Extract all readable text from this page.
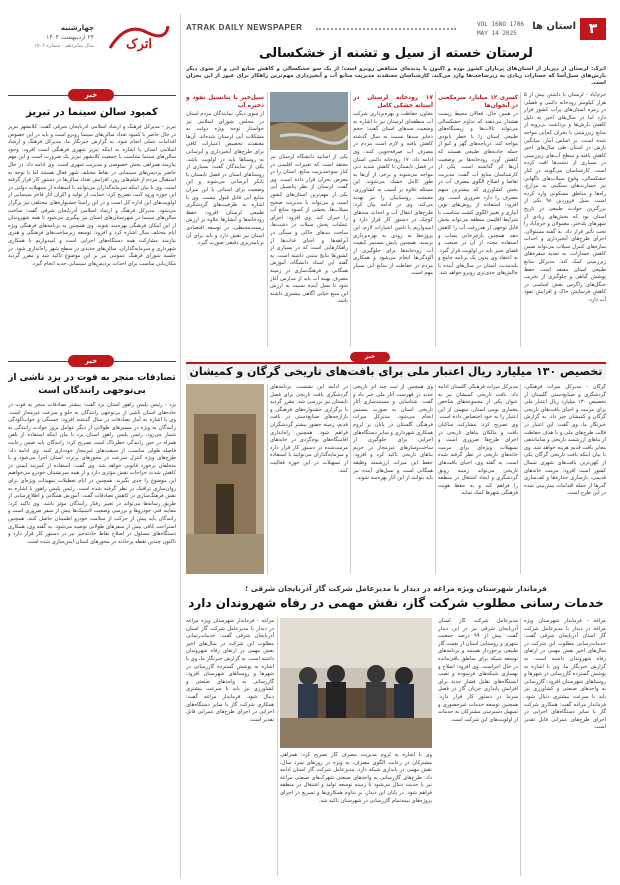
۳
استان ها
VOL 16NO 1706
MAY 14 2025
ATRAK DAILY NEWSPAPER
اترک
چهارشنبه
۲۴ اردیبهشت ۱۴۰۴
سال شانزدهم - شماره ۱۷۰۶
خبر
کمبود سالن سینما در تبریز
تبریز - مدیرکل فرهنگ و ارشاد اسلامی آذربایجان شرقی گفت: کلانشهر تبریز در حال حاضر با کمبود تعداد سالن‌های سینما روبرو است و باید در این خصوص اقدامات عملی انجام شود. به گزارش خبرنگار ما، مدیرکل فرهنگ و ارشاد اسلامی استان با اشاره به اینکه تبریز شهری فرهنگی است افزود: وجود سالن‌های سینما متناسب با جمعیت کلانشهر تبریز یک ضرورت است و این مهم نیازمند همراهی بخش خصوصی و مدیریت شهری است. وی ادامه داد: در حال حاضر پردیس‌های سینمایی در نقاط مختلف شهر فعال هستند اما با توجه به استقبال مردم از فیلم‌های روز، افزایش تعداد سالن‌ها در دستور کار قرار گرفته است. وی با بیان اینکه سرمایه‌گذاران می‌توانند با استفاده از تسهیلات دولتی در این حوزه ورود کنند، تصریح کرد: حمایت از تولید و اکران آثار فاخر سینمایی از اولویت‌های این اداره کل است و در این راستا جشنواره‌های مختلفی نیز برگزار می‌شود. مدیرکل فرهنگ و ارشاد اسلامی آذربایجان شرقی گفت: ساخت سالن‌های سینما در شهرستان‌های استان نیز پیگیری می‌شود تا همه شهروندان از این امکان فرهنگی بهره‌مند شوند. وی همچنین به برنامه‌های فرهنگی ویژه ایام مختلف سال اشاره کرد و افزود: توسعه زیرساخت‌های فرهنگی و هنری نیازمند مشارکت همه دستگاه‌های اجرایی است و امیدواریم با همکاری شهرداری و سرمایه‌گذاران، سالن‌های جدیدی در سطح شهر راه‌اندازی شود. در جلسه شورای فرهنگ عمومی نیز بر این موضوع تاکید شد و مقرر گردید مکان‌یابی مناسب برای احداث پردیس‌های سینمایی جدید انجام گیرد.
خبر
تصادفات منجر به فوت در یزد ناشی از بی‌توجهی رانندگان است
یزد - رئیس پلیس راهور استان یزد گفت: بیشتر تصادفات منجر به فوت در جاده‌های استان ناشی از بی‌توجهی رانندگان به جلو و سرعت غیرمجاز است. وی با اشاره به آمار تصادفات در سال گذشته افزود: خستگی و خواب‌آلودگی رانندگان به ویژه در مسیرهای طولانی از دیگر عوامل بروز حوادث رانندگی به شمار می‌رود. رئیس پلیس راهور استان یزد با بیان اینکه استفاده از تلفن همراه در حین رانندگی خطرناک است تصریح کرد: رانندگان باید ضمن رعایت فاصله طولی مناسب، از سبقت‌های غیرمجاز خودداری کنند. وی ادامه داد: طرح‌های ویژه کنترل سرعت در محورهای پرتردد استان اجرا می‌شود و با متخلفان برخورد قانونی خواهد شد. وی گفت: استفاده از کمربند ایمنی در کاهش شدت جراحات نقش مؤثری دارد و از همه سرنشینان خودرو می‌خواهیم این موضوع را جدی بگیرند. همچنین در ایام تعطیلات تمهیدات ویژه‌ای برای روان‌سازی ترافیک در نظر گرفته شده است. رئیس پلیس راهور با اشاره به نقش فرهنگ‌سازی در کاهش تصادفات گفت: آموزش همگانی و اطلاع‌رسانی از طریق رسانه‌ها می‌تواند در تغییر رفتار رانندگان مؤثر باشد. وی تاکید کرد: معاینه فنی خودروها و بررسی وضعیت لاستیک‌ها پیش از سفر ضروری است و رانندگان باید پیش از حرکت از سلامت خودرو اطمینان حاصل کنند. همچنین استراحت کافی پیش از سفرهای طولانی توصیه می‌شود. به گفته وی، همکاری دستگاه‌های مسئول در اصلاح نقاط حادثه‌خیز نیز در دستور کار قرار دارد و تاکنون چندین نقطه پرحادثه در محورهای استان ایمن‌سازی شده است.
لرستان خسته از سیل و تشنه از خشکسالی
اترک: لرستان از دیرباز از استان‌های پرباران کشور بوده و اکنون با پدیده‌ای متناقض روبرو است؛ از یک سو خشکسالی و کاهش منابع آبی و از سوی دیگر بارش‌های سیل‌آسا که خسارات زیادی به زیرساخت‌ها وارد می‌کند. کارشناسان معتقدند مدیریت منابع آب و آبخیزداری مهم‌ترین راهکار برای عبور از این بحران است.
خرم‌آباد - لرستان با داشتن بیش از ۵ هزار کیلومتر رودخانه دائمی و فصلی در زمره استان‌های پرآب کشور قرار دارد اما در سال‌های اخیر به دلیل کاهش بارش‌ها و برداشت بی‌رویه از منابع زیرزمینی با بحران کم‌آبی مواجه شده است. بر اساس آمار، میانگین بارش در استان طی سال‌های اخیر کاهش یافته و سطح آب‌های زیرزمینی در بسیاری از دشت‌ها افت کرده است. کارشناسان می‌گویند در کنار خشکسالی، وقوع سیلاب‌های ناگهانی نیز خسارت‌های سنگینی به مزارع، راه‌ها و مناطق مسکونی وارد کرده است. سیل فروردین ۹۸ یکی از بزرگترین حوادث طبیعی در تاریخ استان بود که بخش‌های زیادی از شهرهای پلدختر، معمولان و خرم‌آباد را تحت تأثیر قرار داد. به گفته مسئولان، اجرای طرح‌های آبخیزداری و احداث سازه‌های کنترل سیلاب می‌تواند ضمن کاهش خسارات، به تغذیه سفره‌های زیرزمینی کمک کند. مدیرکل منابع طبیعی استان معتقد است حفظ پوشش گیاهی و جلوگیری از تخریب جنگل‌های زاگرس نقش اساسی در کاهش فرسایش خاک و افزایش نفوذ آب دارد.
کسری ۱۲ میلیارد مترمکعبی در آبخوان‌ها
در همین حال، فعالان محیط زیست هشدار می‌دهند که تداوم خشکسالی می‌تواند تالاب‌ها و زیستگاه‌های طبیعی استان را با خطر نابودی مواجه کند. دریاچه‌های گهر و کیو از جمله جاذبه‌های طبیعی هستند که کاهش آورد رودخانه‌ها بر وضعیت آن‌ها اثر گذاشته است. یکی از کارشناسان منابع آب گفت: مدیریت تقاضا و اصلاح الگوی مصرف آب در بخش کشاورزی که بیشترین سهم مصرف را دارد ضروری است. وی افزود: استفاده از روش‌های نوین آبیاری و تغییر الگوی کشت متناسب با شرایط اقلیمی منطقه می‌تواند بخش قابل توجهی از هدررفت آب را کاهش دهد. همچنین بازچرخانی پساب و استفاده مجدد از آن در صنعت و فضای سبز باید در اولویت قرار گیرد. به اعتقاد وی بدون یک برنامه جامع و بلندمدت، استان در سال‌های آینده با چالش‌های جدی‌تری روبرو خواهد شد.
۱۷ رودخانه لرستان در آستانه خشکی کامل
معاون حفاظت و بهره‌برداری شرکت آب منطقه‌ای لرستان نیز با اشاره به وضعیت سدهای استان گفت: حجم ذخایر سدها نسبت به سال گذشته کاهش یافته و لازم است مردم در مصرف آب صرفه‌جویی کنند. وی ادامه داد: ۱۷ رودخانه دائمی استان در فصل تابستان با کاهش شدید دبی مواجه می‌شوند و برخی از آن‌ها به طور کامل خشک می‌شوند. این مسئله علاوه بر آسیب به کشاورزی، معیشت روستاییان را نیز تهدید می‌کند. وی در ادامه بیان کرد: طرح‌های انتقال آب و احداث سدهای کوچک در دستور کار قرار دارد و امیدواریم با تامین اعتبارات لازم، این پروژه‌ها به زودی به بهره‌برداری برسند. همچنین پایش مستمر کیفیت آب رودخانه‌ها برای جلوگیری از آلودگی‌ها انجام می‌شود و همکاری مردم در حفاظت از منابع آبی بسیار مهم است.
یکی از اساتید دانشگاه لرستان نیز معتقد است که تغییرات اقلیمی در کنار سوءمدیریت منابع، استان را در معرض بحران قرار داده است. وی گفت: لرستان از نظر پتانسیل آبی یکی از مهم‌ترین استان‌های کشور است و می‌تواند با مدیریت صحیح سیلاب‌ها، بخشی از کمبود منابع آب را جبران کند. وی افزود: اجرای عملیات پخش سیلاب در دشت‌ها، ساخت بندهای خاکی و سنگی در آبراهه‌ها و احیای قنات‌ها از راهکارهایی است که در بسیاری از کشورها نتایج مثبتی داشته است. به گفته این استاد دانشگاه، آموزش همگانی و فرهنگ‌سازی در زمینه مصرف بهینه آب باید از مدارس آغاز شود تا نسل آینده نسبت به ارزش این منبع حیاتی آگاهی بیشتری داشته باشد.
سیل‌خیز با پتانسیل نفوذ و ذخیره آب
از سوی دیگر، نمایندگان مردم استان در مجلس شورای اسلامی نیز خواستار توجه ویژه دولت به مشکلات آبی لرستان شده‌اند. آن‌ها معتقدند تخصیص اعتبارات کافی برای طرح‌های آبخیزداری و آبرسانی به روستاها باید در اولویت باشد. یکی از نمایندگان گفت: بسیاری از روستاهای استان در فصل تابستان با تانکر آبرسانی می‌شوند و این وضعیت برای استانی با این میزان منابع آبی قابل قبول نیست. وی با اشاره به ظرفیت‌های گردشگری طبیعی لرستان افزود: حفظ رودخانه‌ها و آبشارها علاوه بر ارزش زیست‌محیطی، در توسعه اقتصادی استان نیز نقش دارد و باید برای آن برنامه‌ریزی دقیقی صورت گیرد.
خبر
تخصیص ۱۳۰ میلیارد ریال اعتبار ملی برای بافت‌های تاریخی گرگان و کمیشان
گرگان - مدیرکل میراث فرهنگی، گردشگری و صنایع‌دستی گلستان از تخصیص ۱۳۰ میلیارد ریال اعتبار ملی برای مرمت و احیای بافت‌های تاریخی گرگان و کمیشان خبر داد. به گزارش خبرنگار ما، وی گفت: این اعتبار در قالب طرح‌های ملی و با هدف حفاظت از بناهای ارزشمند تاریخی و ساماندهی معابر بافت قدیم هزینه خواهد شد. وی با بیان اینکه بافت تاریخی گرگان یکی از کهن‌ترین بافت‌های شهری شمال کشور است افزود: مرمت خانه‌های قدیمی، بازسازی جداره‌ها و کف‌سازی گذرها از جمله اقدامات پیش‌بینی شده در این طرح است.
مدیرکل میراث فرهنگی گلستان ادامه داد: بافت تاریخی کمیشان نیز به عنوان یکی از مجموعه‌های شاخص معماری بومی استان، سهمی از این اعتبار را به خود اختصاص داده است. وی تصریح کرد: مشارکت ساکنان بافت و مالکان بناهای تاریخی در اجرای طرح‌ها ضروری است و تسهیلات ویژه‌ای برای مرمت خانه‌های تاریخی در نظر گرفته شده است. به گفته وی، احیای بافت‌های تاریخی می‌تواند زمینه رونق گردشگری و ایجاد اشتغال در منطقه را فراهم کند و به حفظ هویت فرهنگی شهرها کمک نماید.
وی همچنین از ثبت چند اثر تاریخی جدید در فهرست آثار ملی خبر داد و گفت: شناسایی و مستندسازی آثار تاریخی استان به صورت مستمر انجام می‌شود. مدیرکل میراث فرهنگی گلستان در پایان بر لزوم همکاری شهرداری و سایر دستگاه‌های اجرایی برای جلوگیری از ساخت‌وسازهای غیرمجاز در حریم بناهای تاریخی تاکید کرد و افزود: حفظ این میراث ارزشمند وظیفه همگانی است و نسل‌های آینده نیز باید بتوانند از این آثار بهره‌مند شوند.
در ادامه این نشست، برنامه‌های گردشگری بافت تاریخی برای فصل تابستان نیز بررسی شد. مقرر گردید با برگزاری جشنواره‌های فرهنگی و بازارچه‌های صنایع‌دستی در بافت قدیم، زمینه حضور بیشتر گردشگران فراهم شود. همچنین راه‌اندازی اقامتگاه‌های بوم‌گردی در خانه‌های مرمت‌شده در دستور کار قرار دارد و سرمایه‌گذاران می‌توانند با استفاده از تسهیلات در این حوزه فعالیت کنند.
فرماندار شهرستان ویژه مراغه در دیدار با مدیرعامل شرکت گاز آذربایجان شرقی ؛
خدمات رسانی مطلوب شرکت گاز، نقش مهمی در رفاه شهروندان دارد
مراغه - فرماندار شهرستان ویژه مراغه در دیدار با مدیرعامل شرکت گاز استان آذربایجان شرقی گفت: خدمات‌رسانی مطلوب این شرکت در سال‌های اخیر نقش مهمی در ارتقای رفاه شهروندان داشته است. به گزارش خبرنگار ما، وی با اشاره به پوشش گسترده گازرسانی در شهرها و روستاهای شهرستان افزود: گازرسانی به واحدهای صنعتی و کشاورزی نیز باید با سرعت بیشتری دنبال شود. فرماندار مراغه گفت: همکاری شرکت گاز با سایر دستگاه‌های اجرایی در اجرای طرح‌های عمرانی قابل تقدیر است.
مدیرعامل شرکت گاز استان آذربایجان شرقی نیز در این دیدار گفت: بیش از ۹۹ درصد جمعیت شهری و روستایی استان از نعمت گاز طبیعی برخوردار هستند و برنامه‌های توسعه شبکه برای مناطق باقی‌مانده در حال اجراست. وی افزود: اصلاح و بهسازی شبکه‌های فرسوده و نصب ایستگاه‌های تقلیل فشار جدید برای افزایش پایداری جریان گاز در فصل سرما در دستور کار قرار دارد. همچنین توسعه خدمات غیرحضوری و تسهیل دسترسی مشترکان به خدمات از اولویت‌های این شرکت است.
وی با اشاره به لزوم مدیریت مصرف گاز تصریح کرد: همراهی مشترکان در رعایت الگوی مصرف، به ویژه در روزهای سرد سال، نقش مهمی در پایداری شبکه دارد. مدیرعامل شرکت گاز استان ادامه داد: طرح‌های گازرسانی به واحدهای صنعتی شهرک‌های صنعتی مراغه نیز با جدیت دنبال می‌شود تا زمینه توسعه تولید و اشتغال در منطقه فراهم شود. در پایان این دیدار، بر تداوم همکاری‌ها و تسریع در اجرای پروژه‌های نیمه‌تمام گازرسانی در شهرستان تاکید شد.
مراغه - فرماندار شهرستان ویژه مراغه در دیدار با مدیرعامل شرکت گاز استان آذربایجان شرقی گفت: خدمات‌رسانی مطلوب این شرکت در سال‌های اخیر نقش مهمی در ارتقای رفاه شهروندان داشته است. به گزارش خبرنگار ما، وی با اشاره به پوشش گسترده گازرسانی در شهرها و روستاهای شهرستان افزود: گازرسانی به واحدهای صنعتی و کشاورزی نیز باید با سرعت بیشتری دنبال شود. فرماندار مراغه گفت: همکاری شرکت گاز با سایر دستگاه‌های اجرایی در اجرای طرح‌های عمرانی قابل تقدیر است.
